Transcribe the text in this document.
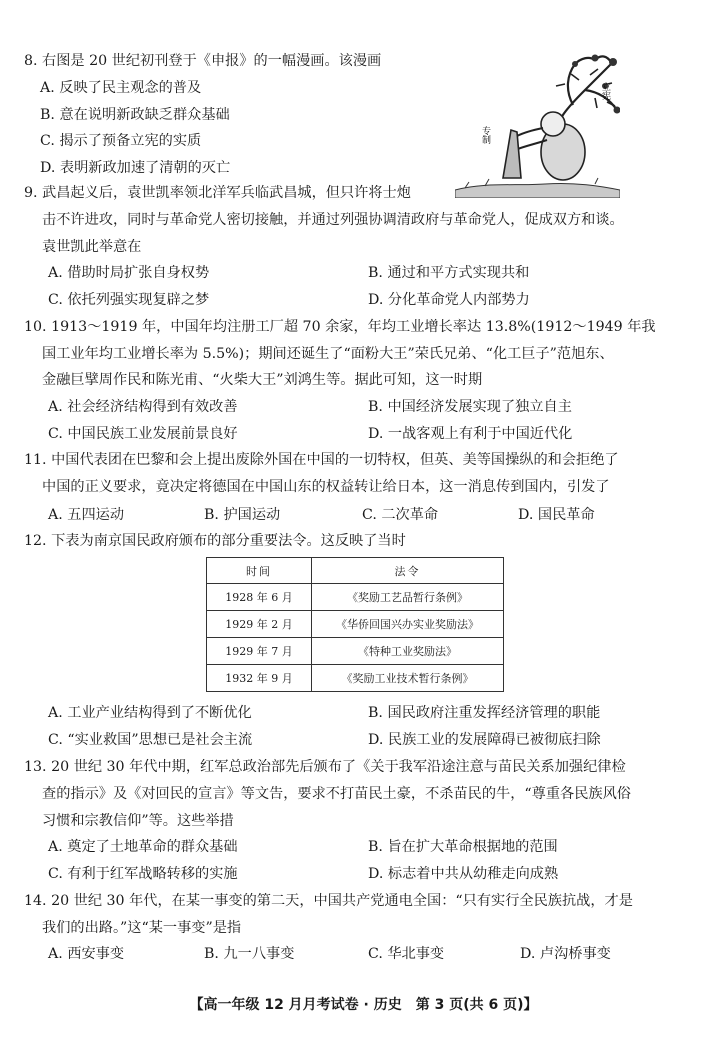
8. 右图是 20 世纪初刊登于《申报》的一幅漫画。该漫画
A. 反映了民主观念的普及
B. 意在说明新政缺乏群众基础
C. 揭示了预备立宪的实质
D. 表明新政加速了清朝的灭亡
立宪
专制
9. 武昌起义后，袁世凯率领北洋军兵临武昌城，但只许将士炮
击不许进攻，同时与革命党人密切接触，并通过列强协调清政府与革命党人，促成双方和谈。
袁世凯此举意在
A. 借助时局扩张自身权势	B. 通过和平方式实现共和
C. 依托列强实现复辟之梦	D. 分化革命党人内部势力
10. 1913～1919 年，中国年均注册工厂超 70 余家，年均工业增长率达 13.8%(1912～1949 年我
国工业年均工业增长率为 5.5%)；期间还诞生了“面粉大王”荣氏兄弟、“化工巨子”范旭东、
金融巨擘周作民和陈光甫、“火柴大王”刘鸿生等。据此可知，这一时期
A. 社会经济结构得到有效改善	B. 中国经济发展实现了独立自主
C. 中国民族工业发展前景良好	D. 一战客观上有利于中国近代化
11. 中国代表团在巴黎和会上提出废除外国在中国的一切特权，但英、美等国操纵的和会拒绝了
中国的正义要求，竟决定将德国在中国山东的权益转让给日本，这一消息传到国内，引发了
A. 五四运动	B. 护国运动	C. 二次革命	D. 国民革命
12. 下表为南京国民政府颁布的部分重要法令。这反映了当时
时间	法令
1928 年 6 月	《奖励工艺品暂行条例》
1929 年 2 月	《华侨回国兴办实业奖励法》
1929 年 7 月	《特种工业奖励法》
1932 年 9 月	《奖励工业技术暂行条例》
A. 工业产业结构得到了不断优化	B. 国民政府注重发挥经济管理的职能
C. “实业救国”思想已是社会主流	D. 民族工业的发展障碍已被彻底扫除
13. 20 世纪 30 年代中期，红军总政治部先后颁布了《关于我军沿途注意与苗民关系加强纪律检
查的指示》及《对回民的宣言》等文告，要求不打苗民土豪，不杀苗民的牛，“尊重各民族风俗
习惯和宗教信仰”等。这些举措
A. 奠定了土地革命的群众基础	B. 旨在扩大革命根据地的范围
C. 有利于红军战略转移的实施	D. 标志着中共从幼稚走向成熟
14. 20 世纪 30 年代，在某一事变的第二天，中国共产党通电全国：“只有实行全民族抗战，才是
我们的出路。”这“某一事变”是指
A. 西安事变	B. 九一八事变	C. 华北事变	D. 卢沟桥事变
【高一年级 12 月月考试卷 · 历史　第 3 页(共 6 页)】
